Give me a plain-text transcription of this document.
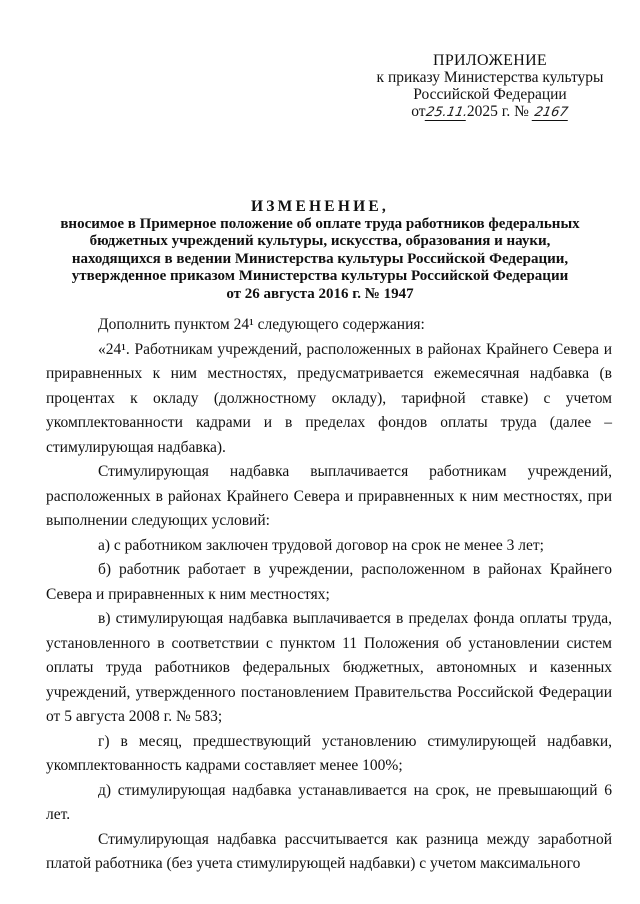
ПРИЛОЖЕНИЕ
к приказу Министерства культуры
Российской Федерации
от25.11.2025 г. № 2167
ИЗМЕНЕНИЕ,
вносимое в Примерное положение об оплате труда работников федеральных
бюджетных учреждений культуры, искусства, образования и науки,
находящихся в ведении Министерства культуры Российской Федерации,
утвержденное приказом Министерства культуры Российской Федерации
от 26 августа 2016 г. № 1947

Дополнить пунктом 24¹ следующего содержания:

«24¹. Работникам учреждений, расположенных в районах Крайнего Севера и приравненных к ним местностях, предусматривается ежемесячная надбавка (в процентах к окладу (должностному окладу), тарифной ставке) с учетом укомплектованности кадрами и в пределах фондов оплаты труда (далее – стимулирующая надбавка).

Стимулирующая надбавка выплачивается работникам учреждений, расположенных в районах Крайнего Севера и приравненных к ним местностях, при выполнении следующих условий:

а) с работником заключен трудовой договор на срок не менее 3 лет;

б) работник работает в учреждении, расположенном в районах Крайнего Севера и приравненных к ним местностях;

в) стимулирующая надбавка выплачивается в пределах фонда оплаты труда, установленного в соответствии с пунктом 11 Положения об установлении систем оплаты труда работников федеральных бюджетных, автономных и казенных учреждений, утвержденного постановлением Правительства Российской Федерации от 5 августа 2008 г. № 583;

г) в месяц, предшествующий установлению стимулирующей надбавки, укомплектованность кадрами составляет менее 100%;

д) стимулирующая надбавка устанавливается на срок, не превышающий 6 лет.

Стимулирующая надбавка рассчитывается как разница между заработной платой работника (без учета стимулирующей надбавки) с учетом максимального
